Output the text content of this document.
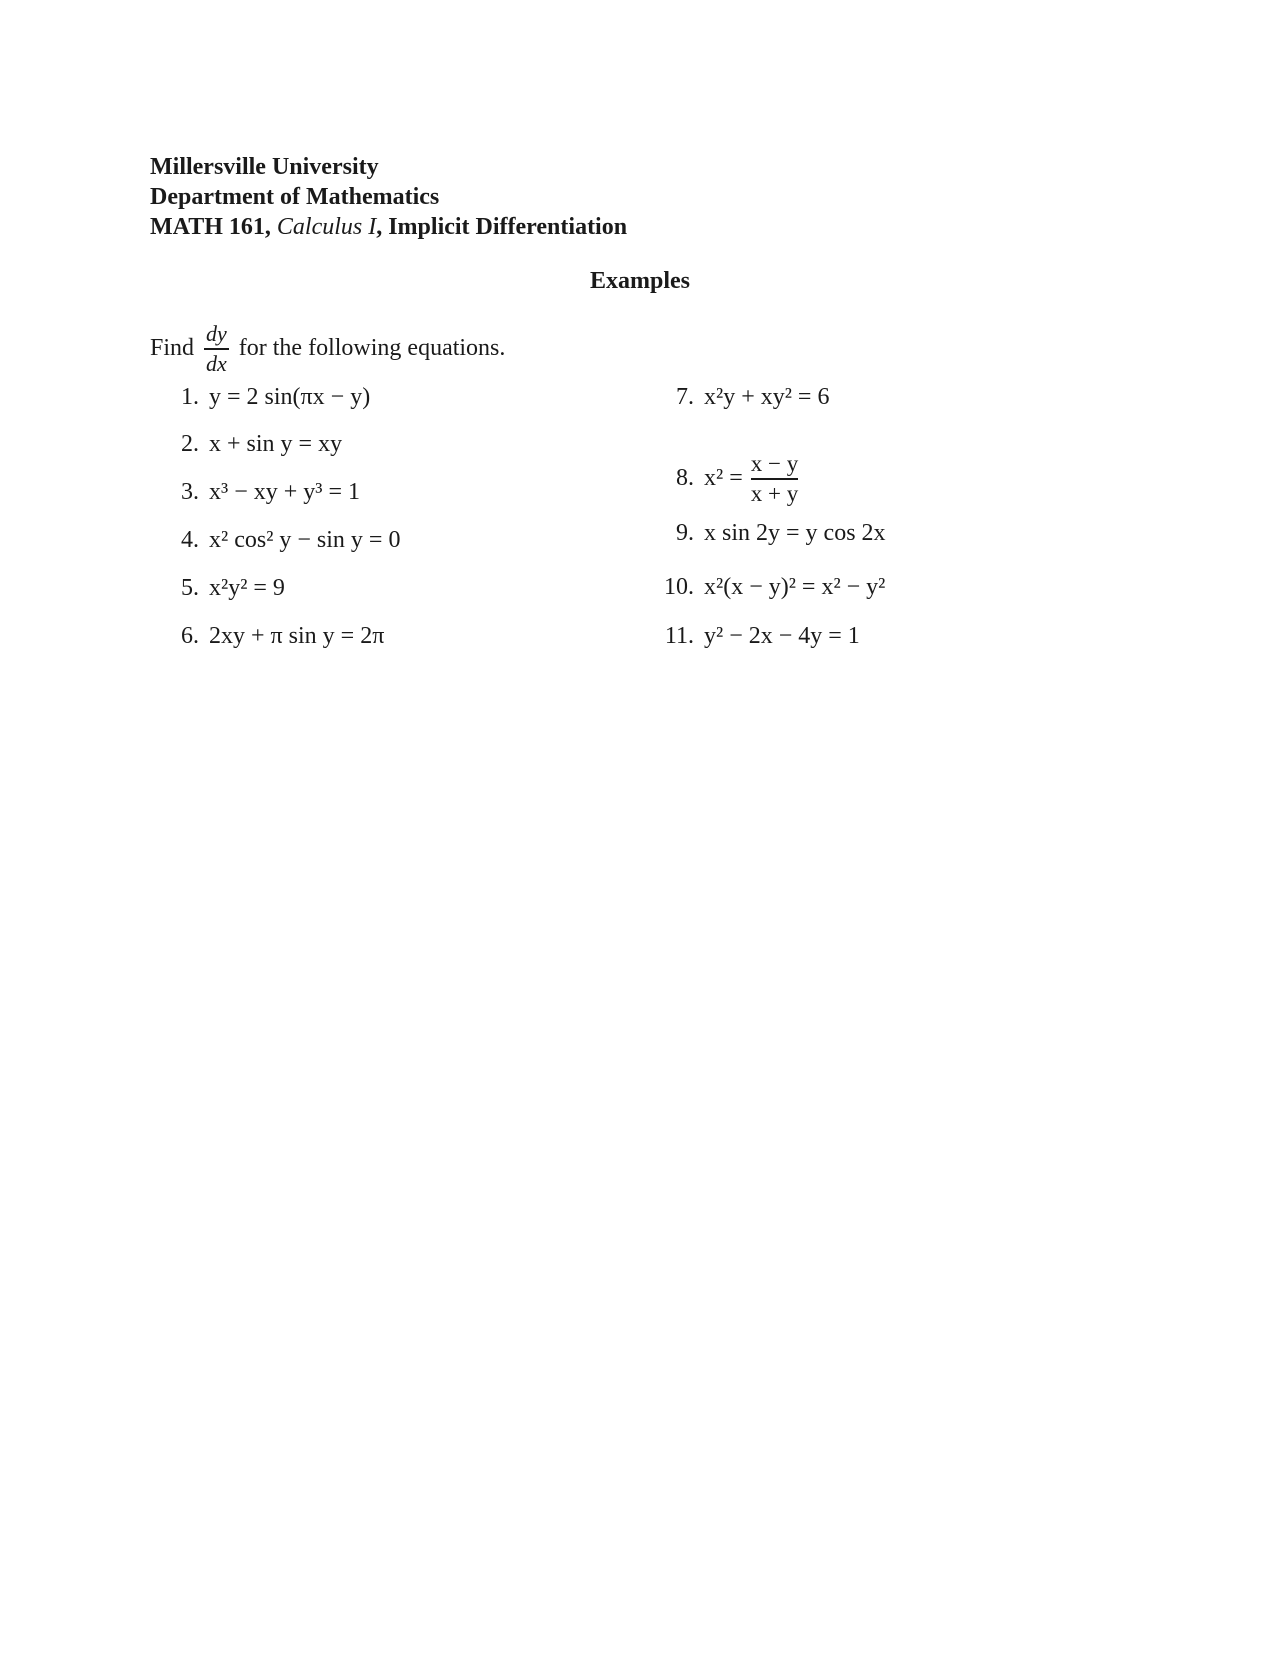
Millersville University
Department of Mathematics
MATH 161, Calculus I, Implicit Differentiation
Examples
Find $\frac{dy}{dx}$ for the following equations.
1. y = 2 sin(πx − y)
2. x + sin y = xy
3. x³ − xy + y³ = 1
4. x² cos² y − sin y = 0
5. x²y² = 9
6. 2xy + π sin y = 2π
7. x²y + xy² = 6
8. x² =
x − y
x + y
9. x sin 2y = y cos 2x
10. x²(x − y)² = x² − y²
11. y² − 2x − 4y = 1
